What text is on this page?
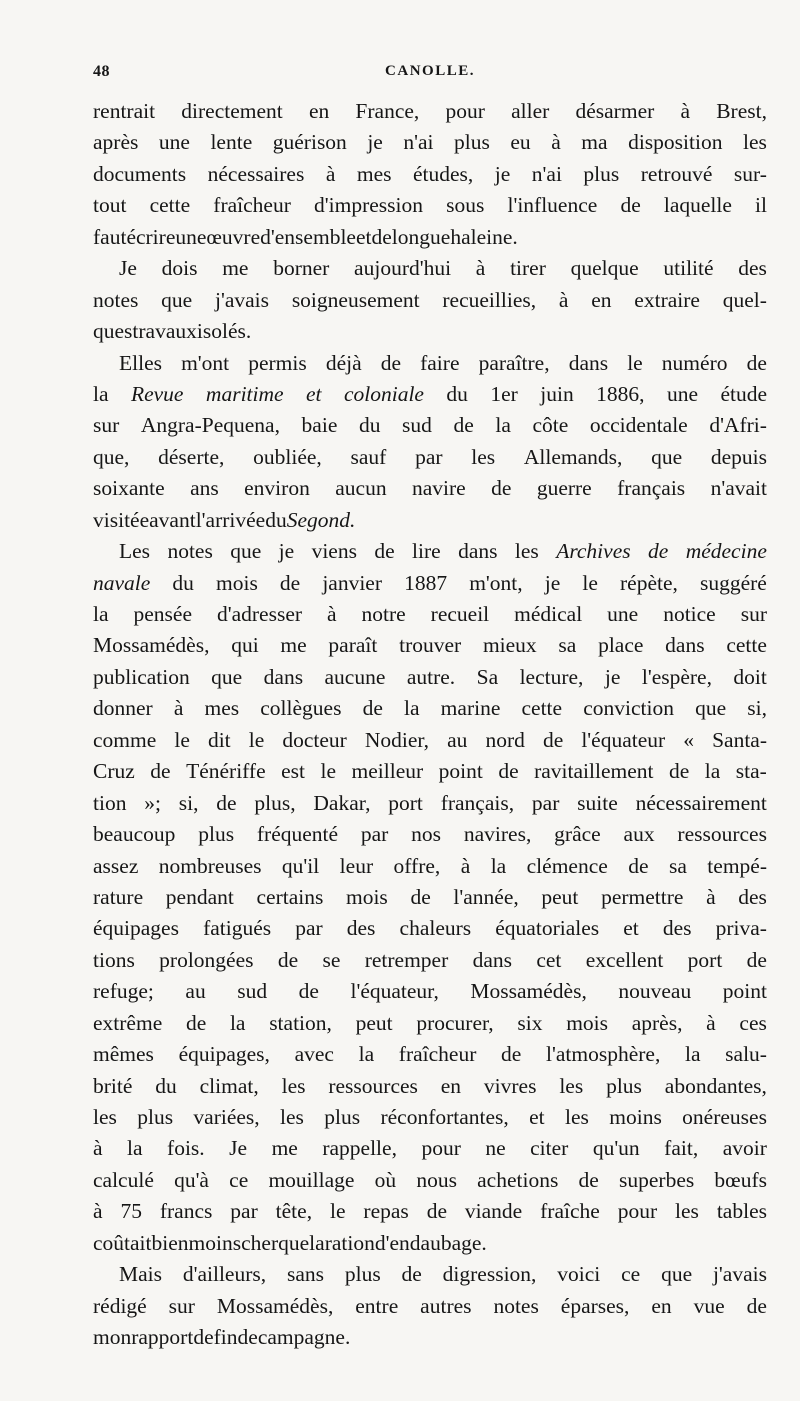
48	CANOLLE.
rentrait directement en France, pour aller désarmer à Brest,
après une lente guérison je n'ai plus eu à ma disposition les
documents nécessaires à mes études, je n'ai plus retrouvé sur-
tout cette fraîcheur d'impression sous l'influence de laquelle il
faut écrire une œuvre d'ensemble et de longue haleine.
Je dois me borner aujourd'hui à tirer quelque utilité des
notes que j'avais soigneusement recueillies, à en extraire quel-
ques travaux isolés.
Elles m'ont permis déjà de faire paraître, dans le numéro de
la Revue maritime et coloniale du 1er juin 1886, une étude
sur Angra-Pequena, baie du sud de la côte occidentale d'Afri-
que, déserte, oubliée, sauf par les Allemands, que depuis
soixante ans environ aucun navire de guerre français n'avait
visitée avant l'arrivée du Segond.
Les notes que je viens de lire dans les Archives de médecine
navale du mois de janvier 1887 m'ont, je le répète, suggéré
la pensée d'adresser à notre recueil médical une notice sur
Mossamédès, qui me paraît trouver mieux sa place dans cette
publication que dans aucune autre. Sa lecture, je l'espère, doit
donner à mes collègues de la marine cette conviction que si,
comme le dit le docteur Nodier, au nord de l'équateur « Santa-
Cruz de Ténériffe est le meilleur point de ravitaillement de la sta-
tion »; si, de plus, Dakar, port français, par suite nécessairement
beaucoup plus fréquenté par nos navires, grâce aux ressources
assez nombreuses qu'il leur offre, à la clémence de sa tempé-
rature pendant certains mois de l'année, peut permettre à des
équipages fatigués par des chaleurs équatoriales et des priva-
tions prolongées de se retremper dans cet excellent port de
refuge; au sud de l'équateur, Mossamédès, nouveau point
extrême de la station, peut procurer, six mois après, à ces
mêmes équipages, avec la fraîcheur de l'atmosphère, la salu-
brité du climat, les ressources en vivres les plus abondantes,
les plus variées, les plus réconfortantes, et les moins onéreuses
à la fois. Je me rappelle, pour ne citer qu'un fait, avoir
calculé qu'à ce mouillage où nous achetions de superbes bœufs
à 75 francs par tête, le repas de viande fraîche pour les tables
coûtait bien moins cher que la ration d'endaubage.
Mais d'ailleurs, sans plus de digression, voici ce que j'avais
rédigé sur Mossamédès, entre autres notes éparses, en vue de
mon rapport de fin de campagne.
